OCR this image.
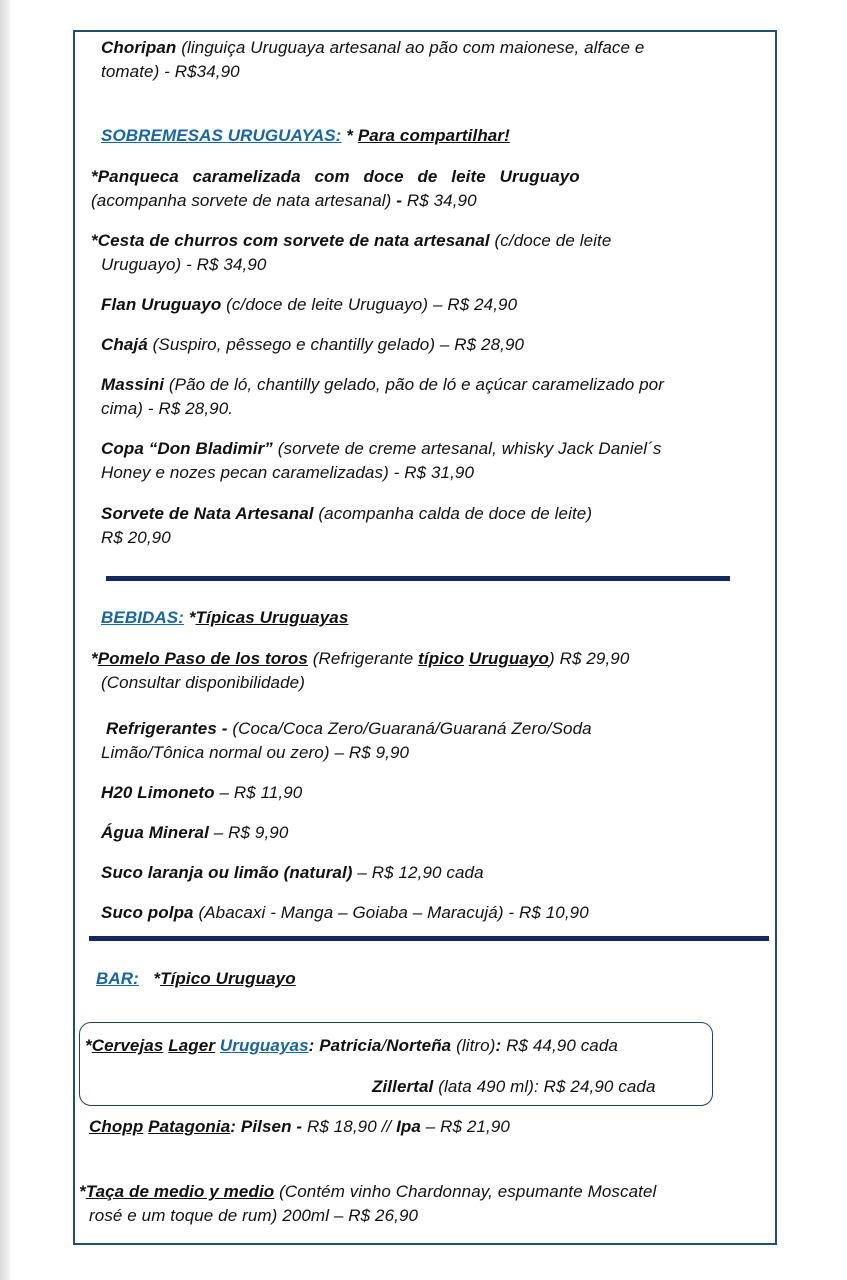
Choripan (linguiça Uruguaya artesanal ao pão com maionese, alface e
tomate) - R$34,90
SOBREMESAS URUGUAYAS: * Para compartilhar!
*Panqueca caramelizada com doce de leite Uruguayo
(acompanha sorvete de nata artesanal) - R$ 34,90
*Cesta de churros com sorvete de nata artesanal (c/doce de leite
Uruguayo) - R$ 34,90
Flan Uruguayo (c/doce de leite Uruguayo) – R$ 24,90
Chajá (Suspiro, pêssego e chantilly gelado) – R$ 28,90
Massini (Pão de ló, chantilly gelado, pão de ló e açúcar caramelizado por
cima) - R$ 28,90.
Copa “Don Bladimir” (sorvete de creme artesanal, whisky Jack Daniel´s
Honey e nozes pecan caramelizadas) - R$ 31,90
Sorvete de Nata Artesanal (acompanha calda de doce de leite)
R$ 20,90
BEBIDAS: *Típicas Uruguayas
*Pomelo Paso de los toros (Refrigerante típico Uruguayo) R$ 29,90
(Consultar disponibilidade)
Refrigerantes - (Coca/Coca Zero/Guaraná/Guaraná Zero/Soda
Limão/Tônica normal ou zero) – R$ 9,90
H20 Limoneto – R$ 11,90
Água Mineral – R$ 9,90
Suco laranja ou limão (natural) – R$ 12,90 cada
Suco polpa (Abacaxi - Manga – Goiaba – Maracujá) - R$ 10,90
BAR: *Típico Uruguayo
*Cervejas Lager Uruguayas: Patricia/Norteña (litro): R$ 44,90 cada
Zillertal (lata 490 ml): R$ 24,90 cada
Chopp Patagonia: Pilsen - R$ 18,90 // Ipa – R$ 21,90
*Taça de medio y medio (Contém vinho Chardonnay, espumante Moscatel
rosé e um toque de rum) 200ml – R$ 26,90
